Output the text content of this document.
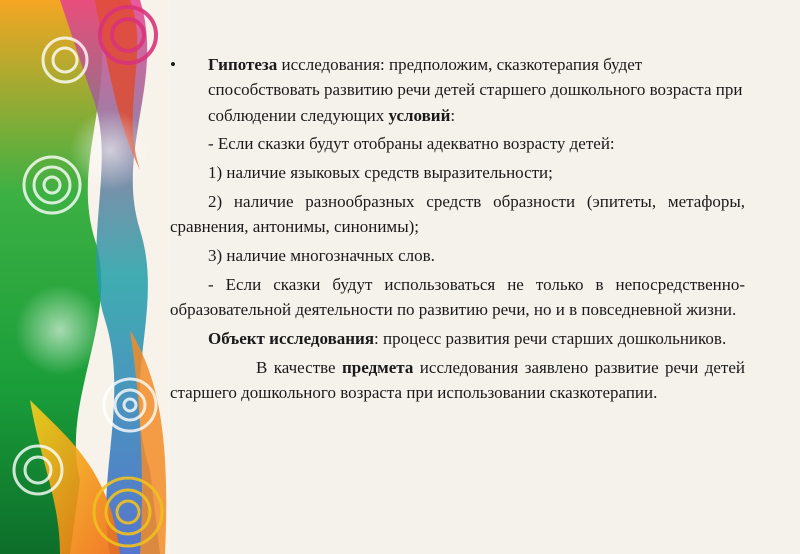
• Гипотеза исследования: предположим, сказкотерапия будет способствовать развитию речи детей старшего дошкольного возраста при соблюдении следующих условий:

- Если сказки будут отобраны адекватно возрасту детей:

1) наличие языковых средств выразительности;

2) наличие разнообразных средств образности (эпитеты, метафоры, сравнения, антонимы, синонимы);

3) наличие многозначных слов.

- Если сказки будут использоваться не только в непосредственно-образовательной деятельности по развитию речи, но и в повседневной жизни.

Объект исследования: процесс развития речи старших дошкольников.

В качестве предмета исследования заявлено развитие речи детей старшего дошкольного возраста при использовании сказкотерапии.
